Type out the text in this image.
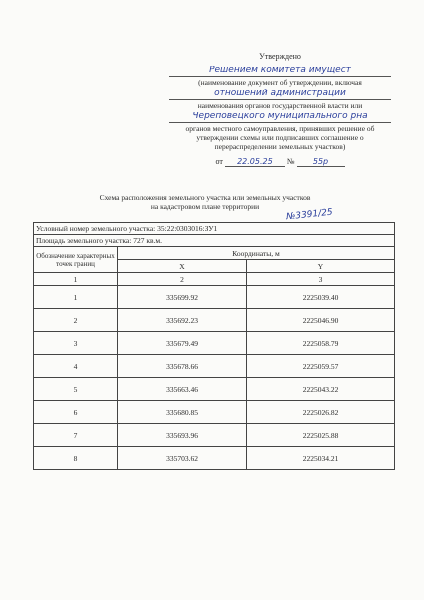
Утверждено
Решением комитета имущест
(наименование документ об утверждении, включая
отношений администрации
наименования органов государственной власти или
Череповецкого муниципального рна
органов местного самоуправления, принявших решение об утверждении схемы или подписавших соглашение о перераспределении земельных участков)
от 22.05.25 № 55р
Схема расположения земельного участка или земельных участков
на кадастровом плане территории
№3391/25
Условный номер земельного участка: 35:22:0303016:ЗУ1		
Площадь земельного участка: 727 кв.м.		
Обозначение характерных точек границ	Координаты, м	
	X	Y
1	2	3
1	335699.92	2225039.40
2	335692.23	2225046.90
3	335679.49	2225058.79
4	335678.66	2225059.57
5	335663.46	2225043.22
6	335680.85	2225026.82
7	335693.96	2225025.88
8	335703.62	2225034.21
